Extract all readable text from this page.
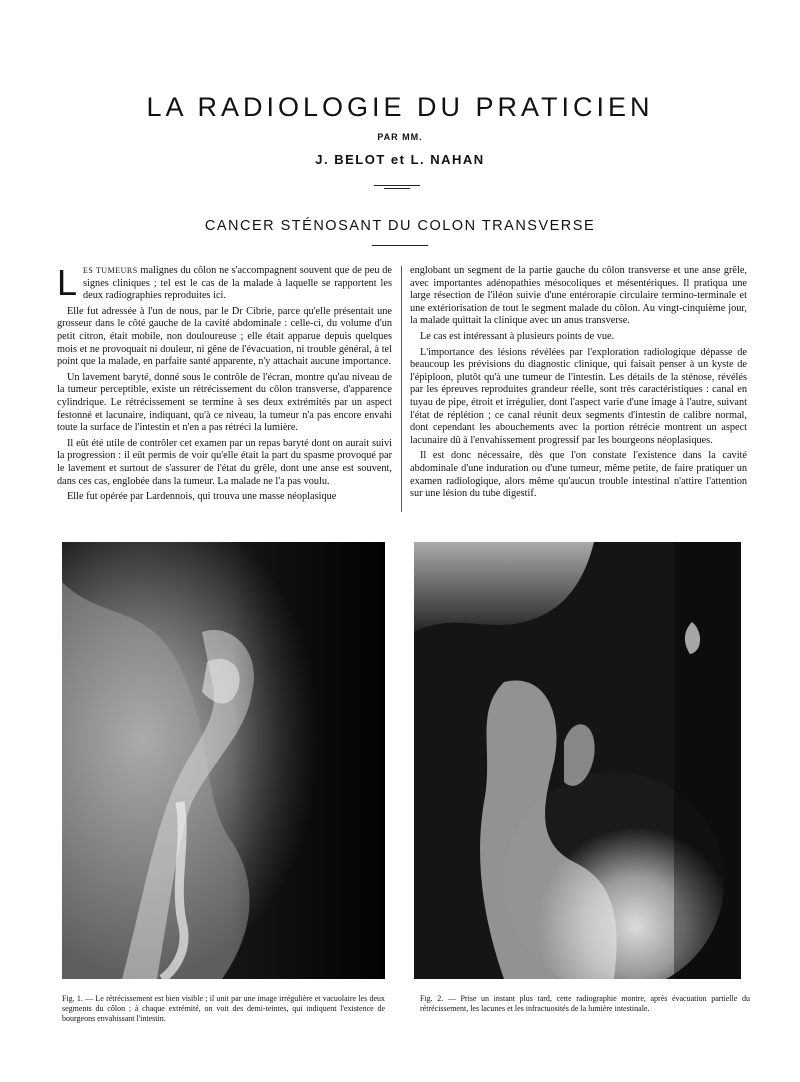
LA RADIOLOGIE DU PRATICIEN
PAR MM.
J. BELOT et L. NAHAN
CANCER STÉNOSANT DU COLON TRANSVERSE

LES TUMEURS malignes du côlon ne s'accompagnent souvent que de peu de signes cliniques ; tel est le cas de la malade à laquelle se rapportent les deux radiographies reproduites ici.

Elle fut adressée à l'un de nous, par le Dr Cibrie, parce qu'elle présentait une grosseur dans le côté gauche de la cavité abdominale : celle-ci, du volume d'un petit citron, était mobile, non douloureuse ; elle était apparue depuis quelques mois et ne provoquait ni douleur, ni gêne de l'évacuation, ni trouble général, à tel point que la malade, en parfaite santé apparente, n'y attachait aucune importance.

Un lavement baryté, donné sous le contrôle de l'écran, montre qu'au niveau de la tumeur perceptible, existe un rétrécissement du côlon transverse, d'apparence cylindrique. Le rétrécissement se termine à ses deux extrémités par un aspect festonné et lacunaire, indiquant, qu'à ce niveau, la tumeur n'a pas encore envahi toute la surface de l'intestin et n'en a pas rétréci la lumière.

Il eût été utile de contrôler cet examen par un repas baryté dont on aurait suivi la progression : il eût permis de voir qu'elle était la part du spasme provoqué par le lavement et surtout de s'assurer de l'état du grêle, dont une anse est souvent, dans ces cas, englobée dans la tumeur. La malade ne l'a pas voulu.

Elle fut opérée par Lardennois, qui trouva une masse néoplasique

englobant un segment de la partie gauche du côlon transverse et une anse grêle, avec importantes adénopathies mésocoliques et mésentériques. Il pratiqua une large résection de l'iléon suivie d'une entérorapie circulaire termino-terminale et une extériorisation de tout le segment malade du côlon. Au vingt-cinquième jour, la malade quittait la clinique avec un anus transverse.

Le cas est intéressant à plusieurs points de vue.

L'importance des lésions révélées par l'exploration radiologique dépasse de beaucoup les prévisions du diagnostic clinique, qui faisait penser à un kyste de l'épiploon, plutôt qu'à une tumeur de l'intestin. Les détails de la sténose, révélés par les épreuves reproduites grandeur réelle, sont très caractéristiques : canal en tuyau de pipe, étroit et irrégulier, dont l'aspect varie d'une image à l'autre, suivant l'état de réplétion ; ce canal réunit deux segments d'intestin de calibre normal, dont cependant les abouchements avec la portion rétrécie montrent un aspect lacunaire dû à l'envahissement progressif par les bourgeons néoplasiques.

Il est donc nécessaire, dès que l'on constate l'existence dans la cavité abdominale d'une induration ou d'une tumeur, même petite, de faire pratiquer un examen radiologique, alors même qu'aucun trouble intestinal n'attire l'attention sur une lésion du tube digestif.

Fig. 1. — Le rétrécissement est bien visible ; il unit par une image irrégulière et vacuolaire les deux segments du côlon ; à chaque extrémité, on voit des demi-teintes, qui indiquent l'existence de bourgeons envahissant l'intestin.
Fig. 2. — Prise un instant plus tard, cette radiographie montre, après évacuation partielle du rétrécissement, les lacunes et les infractuosités de la lumière intestinale.
